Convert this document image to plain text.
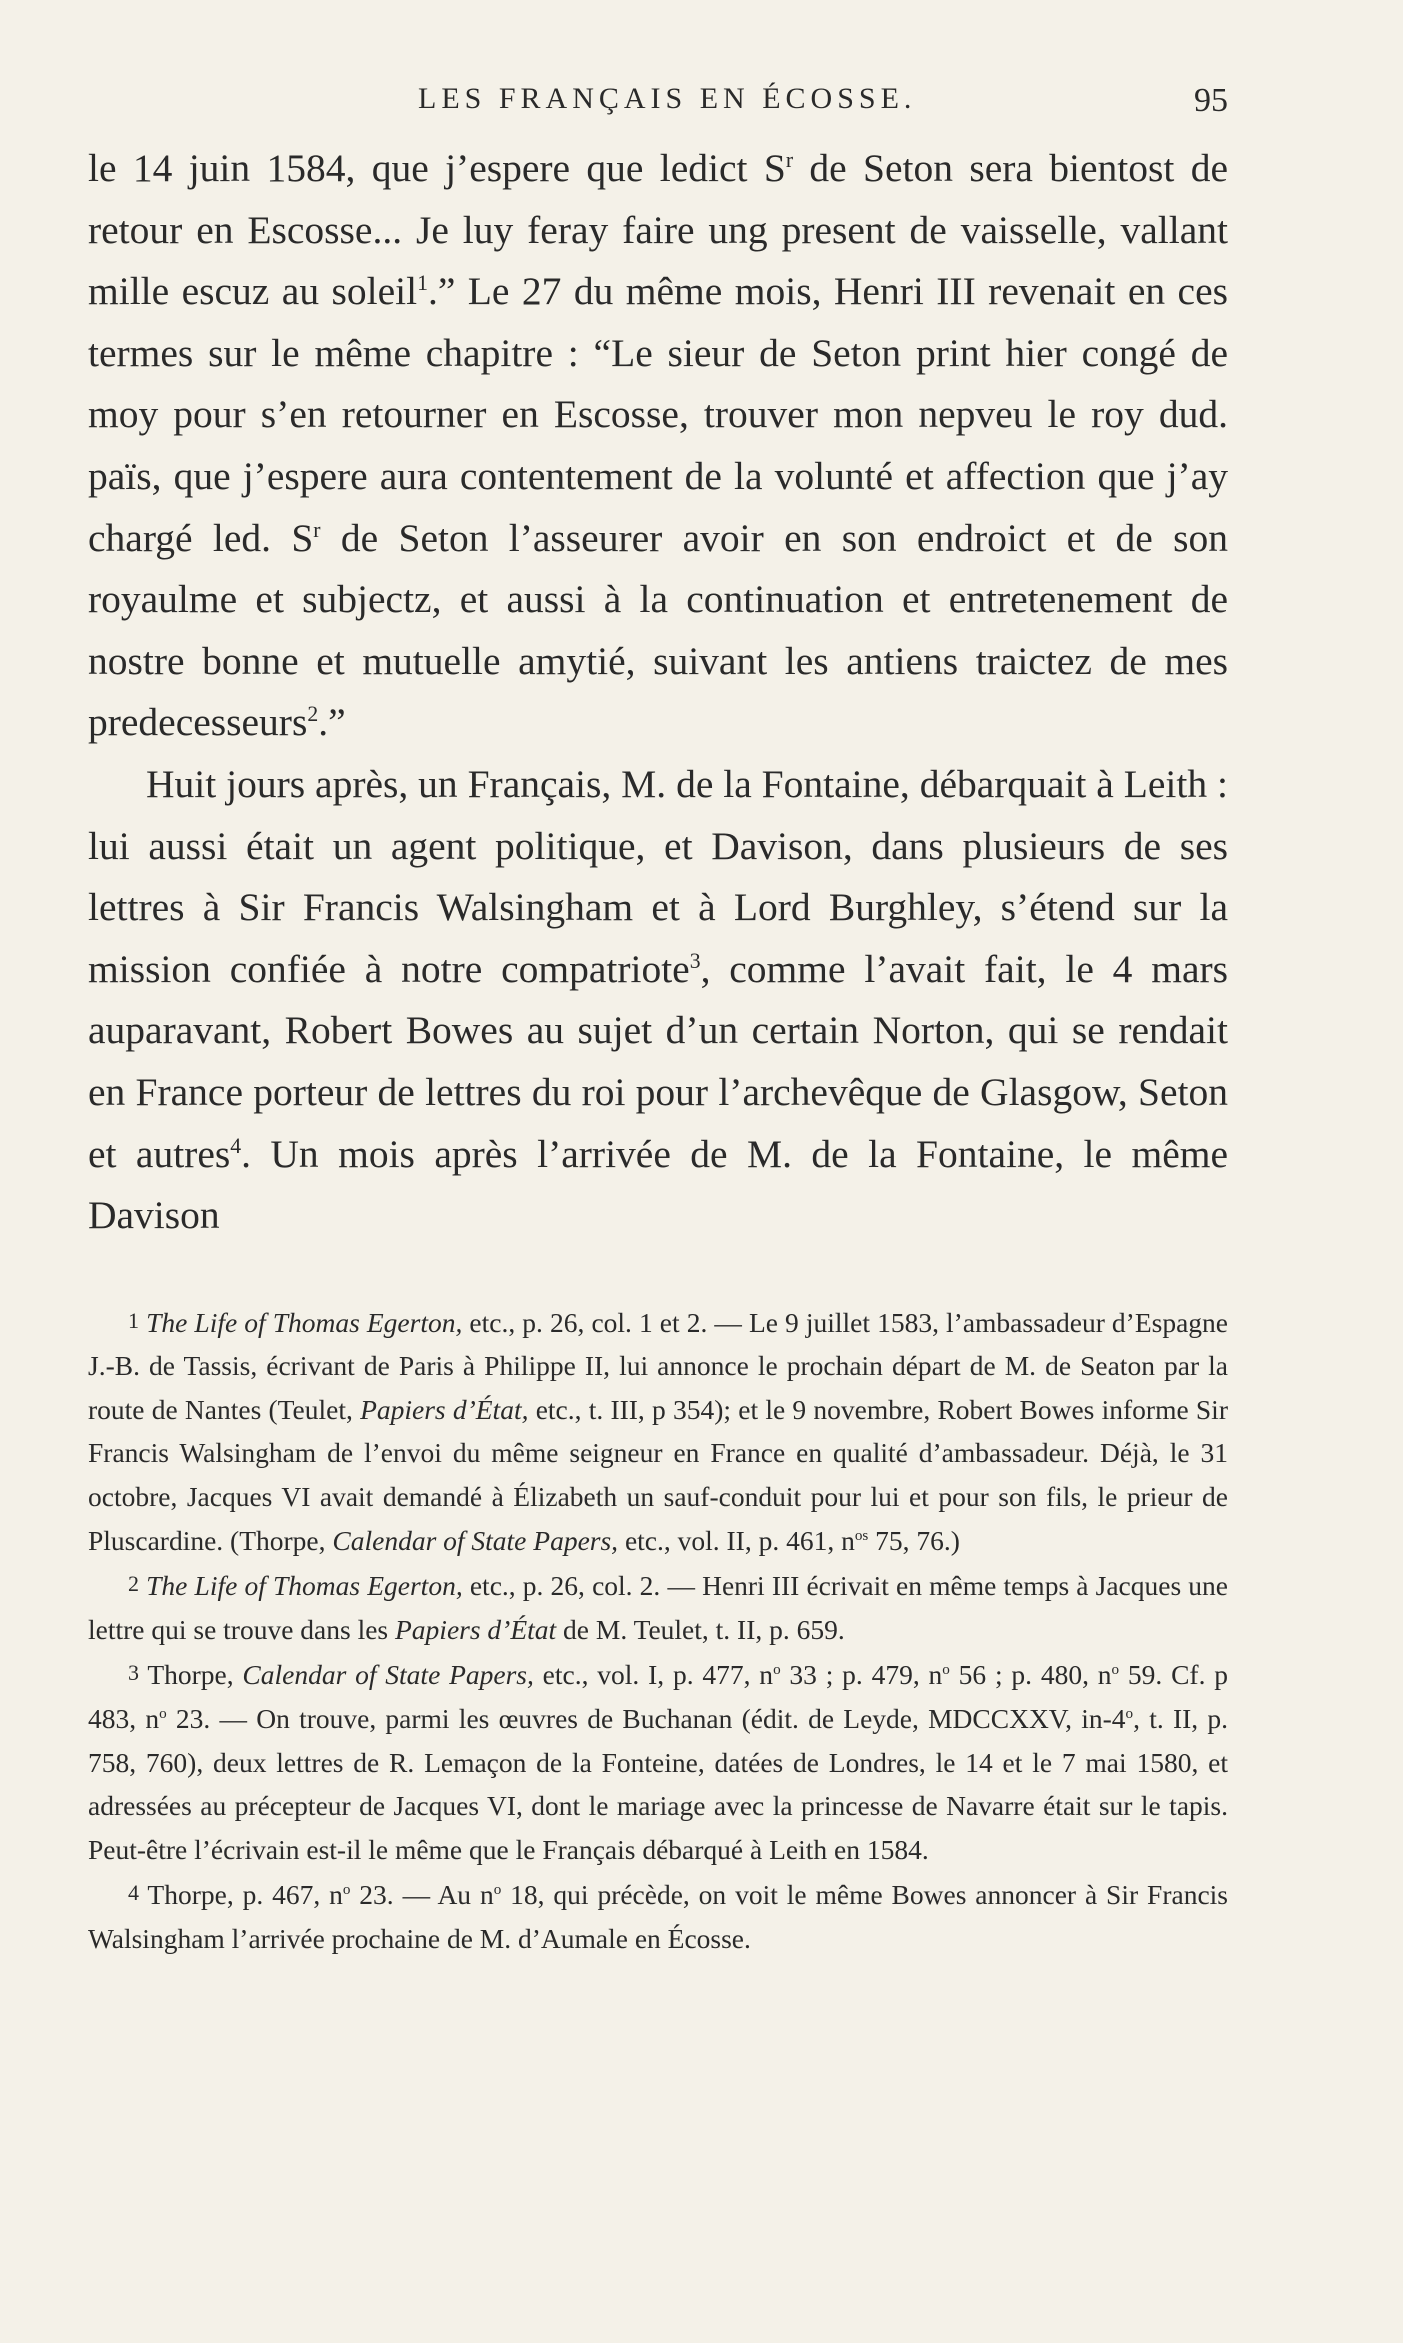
LES FRANÇAIS EN ÉCOSSE.	95

le 14 juin 1584, que j’espere que ledict $S^r$ de Seton sera bientost de retour en Escosse... Je luy feray faire ung present de vaisselle, vallant mille escuz au soleil$^1$.” Le 27 du même mois, Henri III revenait en ces termes sur le même chapitre : “Le sieur de Seton print hier congé de moy pour s’en retourner en Escosse, trouver mon nepveu le roy dud. païs, que j’espere aura contentement de la volunté et affection que j’ay chargé led. $S^r$ de Seton l’asseurer avoir en son endroict et de son royaulme et subjectz, et aussi à la continuation et entretenement de nostre bonne et mutuelle amytié, suivant les antiens traictez de mes predecesseurs$^2$.”

Huit jours après, un Français, M. de la Fontaine, débarquait à Leith : lui aussi était un agent politique, et Davison, dans plusieurs de ses lettres à Sir Francis Walsingham et à Lord Burghley, s’étend sur la mission confiée à notre compatriote$^3$, comme l’avait fait, le 4 mars auparavant, Robert Bowes au sujet d’un certain Norton, qui se rendait en France porteur de lettres du roi pour l’archevêque de Glasgow, Seton et autres$^4$. Un mois après l’arrivée de M. de la Fontaine, le même Davison

1 The Life of Thomas Egerton, etc., p. 26, col. 1 et 2. — Le 9 juillet 1583, l’ambassadeur d’Espagne J.-B. de Tassis, écrivant de Paris à Philippe II, lui annonce le prochain départ de M. de Seaton par la route de Nantes (Teulet, Papiers d’État, etc., t. III, p 354); et le 9 novembre, Robert Bowes informe Sir Francis Walsingham de l’envoi du même seigneur en France en qualité d’ambassadeur. Déjà, le 31 octobre, Jacques VI avait demandé à Élizabeth un sauf-conduit pour lui et pour son fils, le prieur de Pluscardine. (Thorpe, Calendar of State Papers, etc., vol. II, p. 461, $n^{os}$ 75, 76.)

2 The Life of Thomas Egerton, etc., p. 26, col. 2. — Henri III écrivait en même temps à Jacques une lettre qui se trouve dans les Papiers d’État de M. Teulet, t. II, p. 659.

3 Thorpe, Calendar of State Papers, etc., vol. I, p. 477, $n^o$ 33 ; p. 479, $n^o$ 56 ; p. 480, $n^o$ 59. Cf. p 483, $n^o$ 23. — On trouve, parmi les œuvres de Buchanan (édit. de Leyde, MDCCXXV, in-4$^o$, t. II, p. 758, 760), deux lettres de R. Lemaçon de la Fonteine, datées de Londres, le 14 et le 7 mai 1580, et adressées au précepteur de Jacques VI, dont le mariage avec la princesse de Navarre était sur le tapis. Peut-être l’écrivain est-il le même que le Français débarqué à Leith en 1584.

4 Thorpe, p. 467, $n^o$ 23. — Au $n^o$ 18, qui précède, on voit le même Bowes annoncer à Sir Francis Walsingham l’arrivée prochaine de M. d’Aumale en Écosse.
